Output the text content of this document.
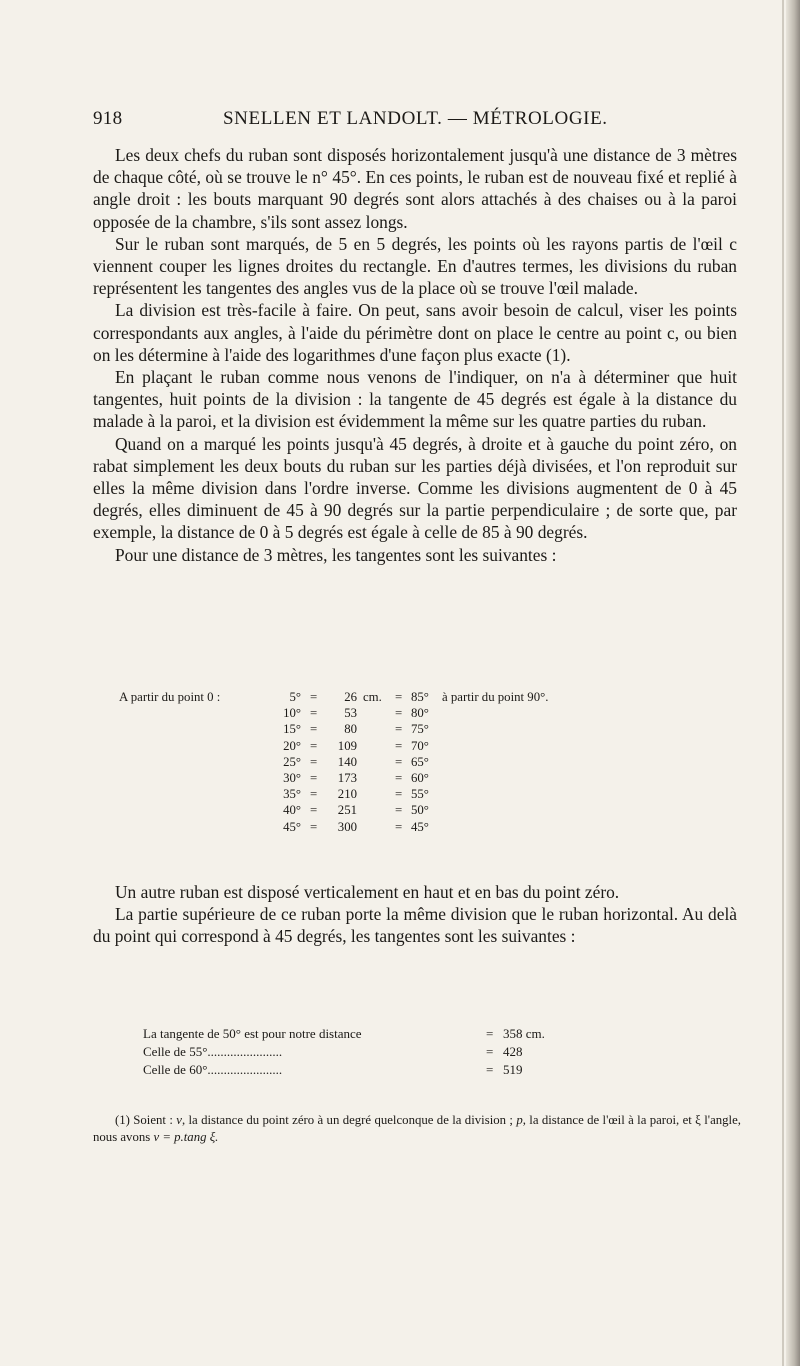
918	SNELLEN ET LANDOLT. — MÉTROLOGIE.

Les deux chefs du ruban sont disposés horizontalement jusqu'à une distance de 3 mètres de chaque côté, où se trouve le n° 45°. En ces points, le ruban est de nouveau fixé et replié à angle droit : les bouts marquant 90 degrés sont alors attachés à des chaises ou à la paroi opposée de la chambre, s'ils sont assez longs.

Sur le ruban sont marqués, de 5 en 5 degrés, les points où les rayons partis de l'œil c viennent couper les lignes droites du rectangle. En d'autres termes, les divisions du ruban représentent les tangentes des angles vus de la place où se trouve l'œil malade.

La division est très-facile à faire. On peut, sans avoir besoin de calcul, viser les points correspondants aux angles, à l'aide du périmètre dont on place le centre au point c, ou bien on les détermine à l'aide des logarithmes d'une façon plus exacte (1).

En plaçant le ruban comme nous venons de l'indiquer, on n'a à déterminer que huit tangentes, huit points de la division : la tangente de 45 degrés est égale à la distance du malade à la paroi, et la division est évidemment la même sur les quatre parties du ruban.

Quand on a marqué les points jusqu'à 45 degrés, à droite et à gauche du point zéro, on rabat simplement les deux bouts du ruban sur les parties déjà divisées, et l'on reproduit sur elles la même division dans l'ordre inverse. Comme les divisions augmentent de 0 à 45 degrés, elles diminuent de 45 à 90 degrés sur la partie perpendiculaire ; de sorte que, par exemple, la distance de 0 à 5 degrés est égale à celle de 85 à 90 degrés.

Pour une distance de 3 mètres, les tangentes sont les suivantes :

A partir du point 0 :	5° =	26 cm. = 85° à partir du point 90°.
10° =	53	= 80°
15° =	80	= 75°
20° =	109	= 70°
25° =	140	= 65°
30° =	173	= 60°
35° =	210	= 55°
40° =	251	= 50°
45° =	300	= 45°

Un autre ruban est disposé verticalement en haut et en bas du point zéro.

La partie supérieure de ce ruban porte la même division que le ruban horizontal. Au delà du point qui correspond à 45 degrés, les tangentes sont les suivantes :

La tangente de 50° est pour notre distance	= 358 cm.
Celle de 55°.......................	= 428
Celle de 60°.......................	= 519

(1) Soient : v, la distance du point zéro à un degré quelconque de la division ; p, la distance de l'œil à la paroi, et ξ l'angle, nous avons v = p.tang ξ.
